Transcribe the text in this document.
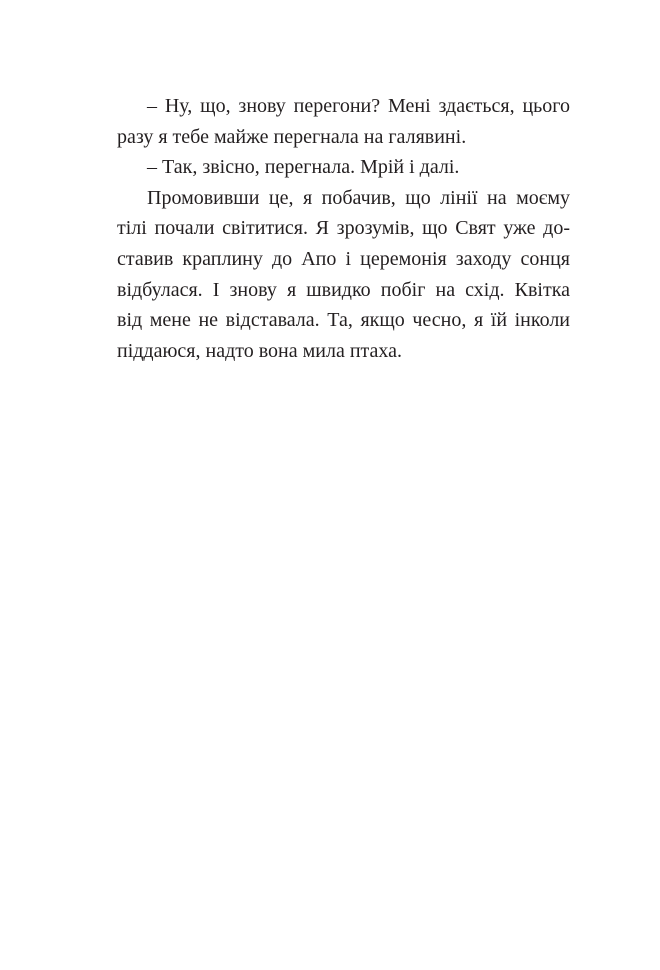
– Ну, що, знову перегони? Мені здається, цього
разу я тебе майже перегнала на галявині.
– Так, звісно, перегнала. Мрій і далі.
Промовивши це, я побачив, що лінії на моєму
тілі почали світитися. Я зрозумів, що Свят уже до-
ставив краплину до Апо і церемонія заходу сонця
відбулася. І знову я швидко побіг на схід. Квітка
від мене не відставала. Та, якщо чесно, я їй інколи
піддаюся, надто вона мила птаха.
